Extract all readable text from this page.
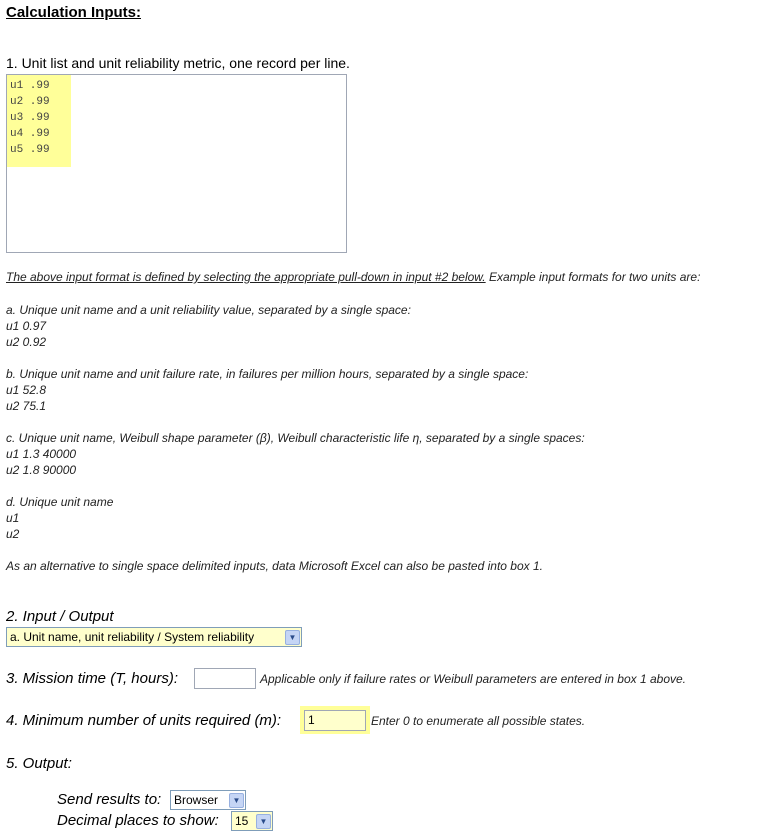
Calculation Inputs:
1. Unit list and unit reliability metric, one record per line.
u1 .99
u2 .99
u3 .99
u4 .99
u5 .99
The above input format is defined by selecting the appropriate pull-down in input #2 below. Example input formats for two units are:
a. Unique unit name and a unit reliability value, separated by a single space:
u1 0.97
u2 0.92
b. Unique unit name and unit failure rate, in failures per million hours, separated by a single space:
u1 52.8
u2 75.1
c. Unique unit name, Weibull shape parameter (β), Weibull characteristic life η, separated by a single spaces:
u1 1.3 40000
u2 1.8 90000
d. Unique unit name
u1
u2
As an alternative to single space delimited inputs, data Microsoft Excel can also be pasted into box 1.
2. Input / Output
a. Unit name, unit reliability / System reliability	▼
3. Mission time (T, hours):	Applicable only if failure rates or Weibull parameters are entered in box 1 above.
4. Minimum number of units required (m):	1	Enter 0 to enumerate all possible states.
5. Output:
Send results to: Browser	▼
Decimal places to show: 15	▼
